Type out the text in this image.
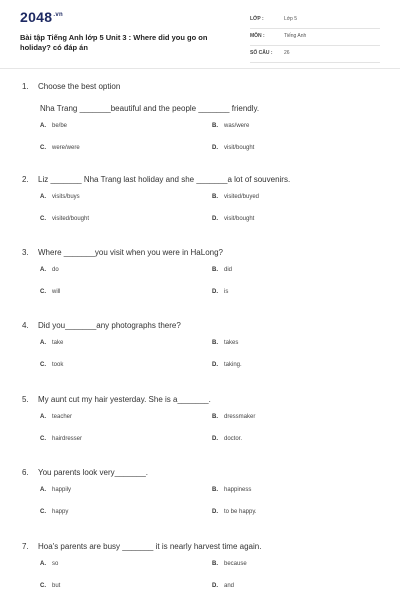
$2048^{.vn}$
Bài tập Tiếng Anh lớp 5 Unit 3 : Where did you go on holiday? có đáp án
LỚP :	Lớp 5
MÔN :	Tiếng Anh
SỐ CÂU : 26
1. Choose the best option
Nha Trang _______beautiful and the people _______ friendly.
A. be/be	B. was/were
C. were/were	D. visit/bought
2. Liz _______ Nha Trang last holiday and she _______a lot of souvenirs.
A. visits/buys	B. visited/buyed
C. visited/bought	D. visit/bought
3. Where _______you visit when you were in HaLong?
A. do	B. did
C. will	D. is
4. Did you_______any photographs there?
A. take	B. takes
C. took	D. taking.
5. My aunt cut my hair yesterday. She is a_______.
A. teacher	B. dressmaker
C. hairdresser	D. doctor.
6. You parents look very_______.
A. happily	B. happiness
C. happy	D. to be happy.
7. Hoa's parents are busy _______ it is nearly harvest time again.
A. so	B. because
C. but	D. and
